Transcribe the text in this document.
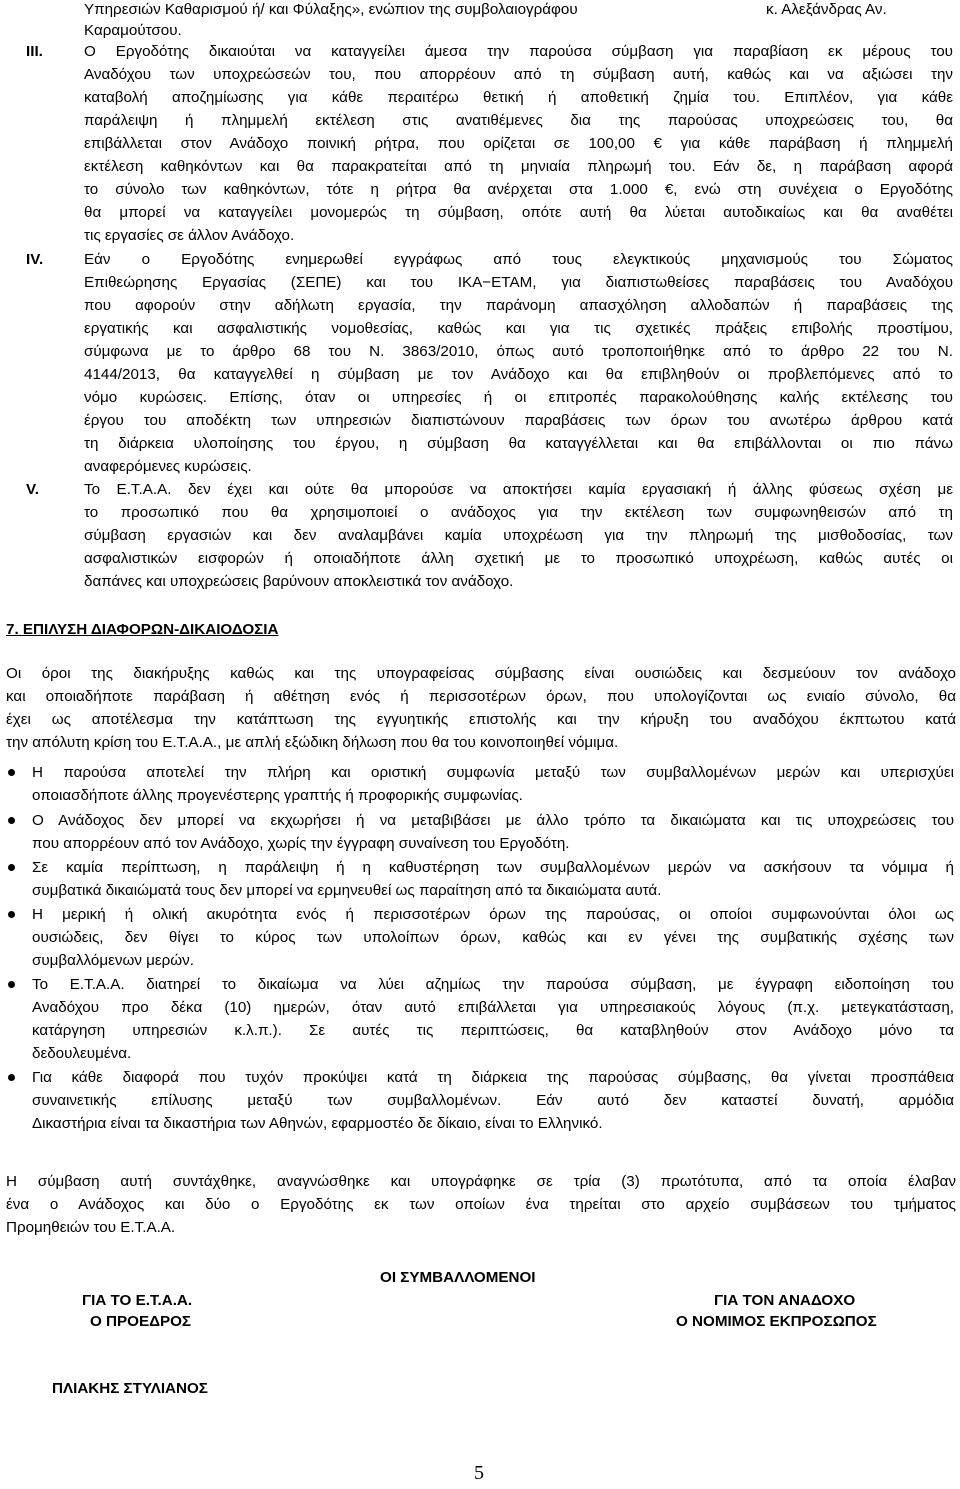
Υπηρεσιών Καθαρισμού ή/ και Φύλαξης», ενώπιον της συμβολαιογράφου	κ. Αλεξάνδρας Αν.
Καραμούτσου.
III.	Ο Εργοδότης δικαιούται να καταγγείλει άμεσα την παρούσα σύμβαση για παραβίαση εκ μέρους του
Αναδόχου των υποχρεώσεών του, που απορρέουν από τη σύμβαση αυτή, καθώς και να αξιώσει την
καταβολή αποζημίωσης για κάθε περαιτέρω θετική ή αποθετική ζημία του. Επιπλέον, για κάθε
παράλειψη ή πλημμελή εκτέλεση στις ανατιθέμενες δια της παρούσας υποχρεώσεις του, θα
επιβάλλεται στον Ανάδοχο ποινική ρήτρα, που ορίζεται σε 100,00 € για κάθε παράβαση ή πλημμελή
εκτέλεση καθηκόντων και θα παρακρατείται από τη μηνιαία πληρωμή του. Εάν δε, η παράβαση αφορά
το σύνολο των καθηκόντων, τότε η ρήτρα θα ανέρχεται στα 1.000 €, ενώ στη συνέχεια ο Εργοδότης
θα μπορεί να καταγγείλει μονομερώς τη σύμβαση, οπότε αυτή θα λύεται αυτοδικαίως και θα αναθέτει
τις εργασίες σε άλλον Ανάδοχο.
IV.	Εάν ο Εργοδότης ενημερωθεί εγγράφως από τους ελεγκτικούς μηχανισμούς του Σώματος
Επιθεώρησης Εργασίας (ΣΕΠΕ) και του ΙΚΑ−ΕΤΑΜ, για διαπιστωθείσες παραβάσεις του Αναδόχου
που αφορούν στην αδήλωτη εργασία, την παράνομη απασχόληση αλλοδαπών ή παραβάσεις της
εργατικής και ασφαλιστικής νομοθεσίας, καθώς και για τις σχετικές πράξεις επιβολής προστίμου,
σύμφωνα με το άρθρο 68 του Ν. 3863/2010, όπως αυτό τροποποιήθηκε από το άρθρο 22 του Ν.
4144/2013, θα καταγγελθεί η σύμβαση με τον Ανάδοχο και θα επιβληθούν οι προβλεπόμενες από το
νόμο κυρώσεις. Επίσης, όταν οι υπηρεσίες ή οι επιτροπές παρακολούθησης καλής εκτέλεσης του
έργου του αποδέκτη των υπηρεσιών διαπιστώνουν παραβάσεις των όρων του ανωτέρω άρθρου κατά
τη διάρκεια υλοποίησης του έργου, η σύμβαση θα καταγγέλλεται και θα επιβάλλονται οι πιο πάνω
αναφερόμενες κυρώσεις.
V.	Το Ε.Τ.Α.Α. δεν έχει και ούτε θα μπορούσε να αποκτήσει καμία εργασιακή ή άλλης φύσεως σχέση με
το προσωπικό που θα χρησιμοποιεί ο ανάδοχος για την εκτέλεση των συμφωνηθεισών από τη
σύμβαση εργασιών και δεν αναλαμβάνει καμία υποχρέωση για την πληρωμή της μισθοδοσίας, των
ασφαλιστικών εισφορών ή οποιαδήποτε άλλη σχετική με το προσωπικό υποχρέωση, καθώς αυτές οι
δαπάνες και υποχρεώσεις βαρύνουν αποκλειστικά τον ανάδοχο.
7. ΕΠΙΛΥΣΗ ΔΙΑΦΟΡΩΝ-ΔΙΚΑΙΟΔΟΣΙΑ
Οι όροι της διακήρυξης καθώς και της υπογραφείσας σύμβασης είναι ουσιώδεις και δεσμεύουν τον ανάδοχο
και οποιαδήποτε παράβαση ή αθέτηση ενός ή περισσοτέρων όρων, που υπολογίζονται ως ενιαίο σύνολο, θα
έχει ως αποτέλεσμα την κατάπτωση της εγγυητικής επιστολής και την κήρυξη του αναδόχου έκπτωτου κατά
την απόλυτη κρίση του Ε.Τ.Α.Α., με απλή εξώδικη δήλωση που θα του κοινοποιηθεί νόμιμα.
Η παρούσα αποτελεί την πλήρη και οριστική συμφωνία μεταξύ των συμβαλλομένων μερών και υπερισχύει
οποιασδήποτε άλλης προγενέστερης γραπτής ή προφορικής συμφωνίας.
Ο Ανάδοχος δεν μπορεί να εκχωρήσει ή να μεταβιβάσει με άλλο τρόπο τα δικαιώματα και τις υποχρεώσεις του
που απορρέουν από τον Ανάδοχο, χωρίς την έγγραφη συναίνεση του Εργοδότη.
Σε καμία περίπτωση, η παράλειψη ή η καθυστέρηση των συμβαλλομένων μερών να ασκήσουν τα νόμιμα ή
συμβατικά δικαιώματά τους δεν μπορεί να ερμηνευθεί ως παραίτηση από τα δικαιώματα αυτά.
Η μερική ή ολική ακυρότητα ενός ή περισσοτέρων όρων της παρούσας, οι οποίοι συμφωνούνται όλοι ως
ουσιώδεις, δεν θίγει το κύρος των υπολοίπων όρων, καθώς και εν γένει της συμβατικής σχέσης των
συμβαλλόμενων μερών.
Το Ε.Τ.Α.Α. διατηρεί το δικαίωμα να λύει αζημίως την παρούσα σύμβαση, με έγγραφη ειδοποίηση του
Αναδόχου προ δέκα (10) ημερών, όταν αυτό επιβάλλεται για υπηρεσιακούς λόγους (π.χ. μετεγκατάσταση,
κατάργηση υπηρεσιών κ.λ.π.). Σε αυτές τις περιπτώσεις, θα καταβληθούν στον Ανάδοχο μόνο τα
δεδουλευμένα.
Για κάθε διαφορά που τυχόν προκύψει κατά τη διάρκεια της παρούσας σύμβασης, θα γίνεται προσπάθεια
συναινετικής επίλυσης μεταξύ των συμβαλλομένων. Εάν αυτό δεν καταστεί δυνατή, αρμόδια
Δικαστήρια είναι τα δικαστήρια των Αθηνών, εφαρμοστέο δε δίκαιο, είναι το Ελληνικό.
Η σύμβαση αυτή συντάχθηκε, αναγνώσθηκε και υπογράφηκε σε τρία (3) πρωτότυπα, από τα οποία έλαβαν
ένα ο Ανάδοχος και δύο ο Εργοδότης εκ των οποίων ένα τηρείται στο αρχείο συμβάσεων του τμήματος
Προμηθειών του Ε.Τ.Α.Α.
ΟΙ ΣΥΜΒΑΛΛΟΜΕΝΟΙ
ΓΙΑ ΤΟ Ε.Τ.Α.Α.	ΓΙΑ ΤΟΝ ΑΝΑΔΟΧΟ
Ο ΠΡΟΕΔΡΟΣ	Ο ΝΟΜΙΜΟΣ ΕΚΠΡΟΣΩΠΟΣ
ΠΛΙΑΚΗΣ ΣΤΥΛΙΑΝΟΣ
5
